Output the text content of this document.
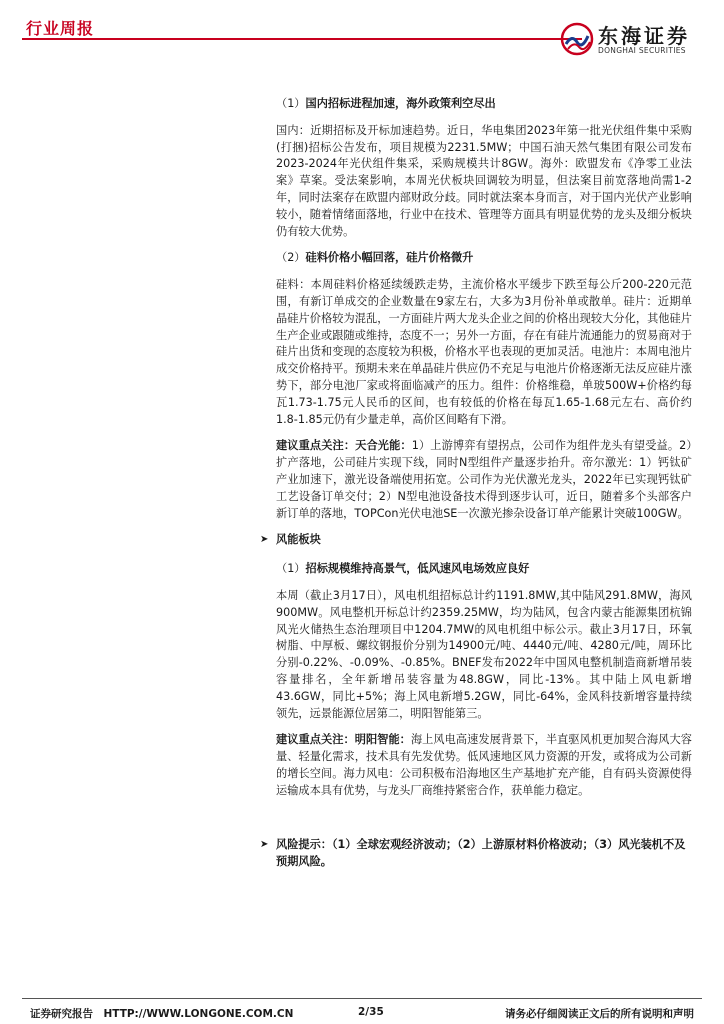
行业周报	东海证券
DONGHAI SECURITIES
（1）国内招标进程加速，海外政策利空尽出
国内：近期招标及开标加速趋势。近日，华电集团2023年第一批光伏组件集中采购(打捆)招标公告发布，项目规模为2231.5MW；中国石油天然气集团有限公司发布2023-2024年光伏组件集采，采购规模共计8GW。海外：欧盟发布《净零工业法案》草案。受法案影响，本周光伏板块回调较为明显，但法案目前宽落地尚需1-2年，同时法案存在欧盟内部财政分歧。同时就法案本身而言，对于国内光伏产业影响较小，随着情绪面落地，行业中在技术、管理等方面具有明显优势的龙头及细分板块仍有较大优势。
（2）硅料价格小幅回落，硅片价格微升
硅料：本周硅料价格延续缓跌走势，主流价格水平缓步下跌至每公斤200-220元范围，有新订单成交的企业数量在9家左右，大多为3月份补单或散单。硅片：近期单晶硅片价格较为混乱，一方面硅片两大龙头企业之间的价格出现较大分化，其他硅片生产企业或跟随或维持，态度不一；另外一方面，存在有硅片流通能力的贸易商对于硅片出货和变现的态度较为积极，价格水平也表现的更加灵活。电池片：本周电池片成交价格持平。预期未来在单晶硅片供应仍不充足与电池片价格逐渐无法反应硅片涨势下，部分电池厂家或将面临减产的压力。组件：价格维稳，单玻500W+价格约每瓦1.73-1.75元人民币的区间，也有较低的价格在每瓦1.65-1.68元左右、高价约1.8-1.85元仍有少量走单，高价区间略有下滑。
建议重点关注：天合光能：1）上游博弈有望拐点，公司作为组件龙头有望受益。2）扩产落地，公司硅片实现下线，同时N型组件产量逐步抬升。帝尔激光：1）钙钛矿产业加速下，激光设备端使用拓宽。公司作为光伏激光龙头，2022年已实现钙钛矿工艺设备订单交付；2）N型电池设备技术得到逐步认可，近日，随着多个头部客户新订单的落地，TOPCon光伏电池SE一次激光掺杂设备订单产能累计突破100GW。
➤ 风能板块
（1）招标规模维持高景气，低风速风电场效应良好
本周（截止3月17日），风电机组招标总计约1191.8MW,其中陆风291.8MW，海风900MW。风电整机开标总计约2359.25MW，均为陆风，包含内蒙古能源集团杭锦风光火储热生态治理项目中1204.7MW的风电机组中标公示。截止3月17日，环氧树脂、中厚板、螺纹钢报价分别为14900元/吨、4440元/吨、4280元/吨，周环比分别-0.22%、-0.09%、-0.85%。BNEF发布2022年中国风电整机制造商新增吊装容量排名，全年新增吊装容量为48.8GW，同比-13%。其中陆上风电新增43.6GW，同比+5%；海上风电新增5.2GW，同比-64%，金风科技新增容量持续领先，远景能源位居第二，明阳智能第三。
建议重点关注：明阳智能：海上风电高速发展背景下，半直驱风机更加契合海风大容量、轻量化需求，技术具有先发优势。低风速地区风力资源的开发，或将成为公司新的增长空间。海力风电：公司积极布沿海地区生产基地扩充产能，自有码头资源使得运输成本具有优势，与龙头厂商维持紧密合作，获单能力稳定。
➤ 风险提示：（1）全球宏观经济波动；（2）上游原材料价格波动；（3）风光装机不及预期风险。
证券研究报告　HTTP://WWW.LONGONE.COM.CN	2/35	请务必仔细阅读正文后的所有说明和声明
